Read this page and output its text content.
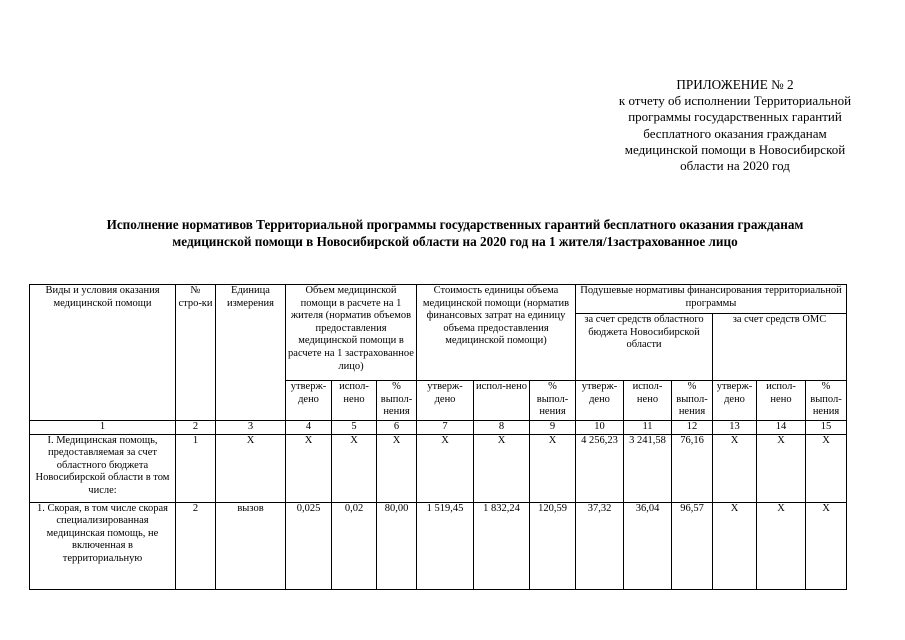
ПРИЛОЖЕНИЕ № 2
к отчету об исполнении Территориальной
программы государственных гарантий
бесплатного оказания гражданам
медицинской помощи в Новосибирской
области на 2020 год
Исполнение нормативов Территориальной программы государственных гарантий бесплатного оказания гражданам
медицинской помощи в Новосибирской области на 2020 год на 1 жителя/1застрахованное лицо
Виды и условия оказания медицинской помощи	№ стро-ки	Единица измерения	Объем медицинской помощи в расчете на 1 жителя (норматив объемов предоставления медицинской помощи в расчете на 1 застрахованное лицо)			Стоимость единицы объема медицинской помощи (норматив финансовых затрат на единицу объема предоставления медицинской помощи)			Подушевые нормативы финансирования территориальной программы					
									за счет средств областного бюджета Новосибирской области			за счет средств ОМС		
			утверж-дено	испол-нено	% выпол-нения	утверж-дено	испол-нено	% выпол-нения	утверж-дено	испол-нено	% выпол-нения	утверж-дено	испол-нено	% выпол-нения
1	2	3	4	5	6	7	8	9	10	11	12	13	14	15
I. Медицинская помощь, предоставляемая за счет областного бюджета Новосибирской области в том числе:	1	X	X	X	X	X	X	X	4 256,23	3 241,58	76,16	X	X	X
1. Скорая, в том числе скорая специализированная медицинская помощь, не включенная в территориальную	2	вызов	0,025	0,02	80,00	1 519,45	1 832,24	120,59	37,32	36,04	96,57	X	X	X
